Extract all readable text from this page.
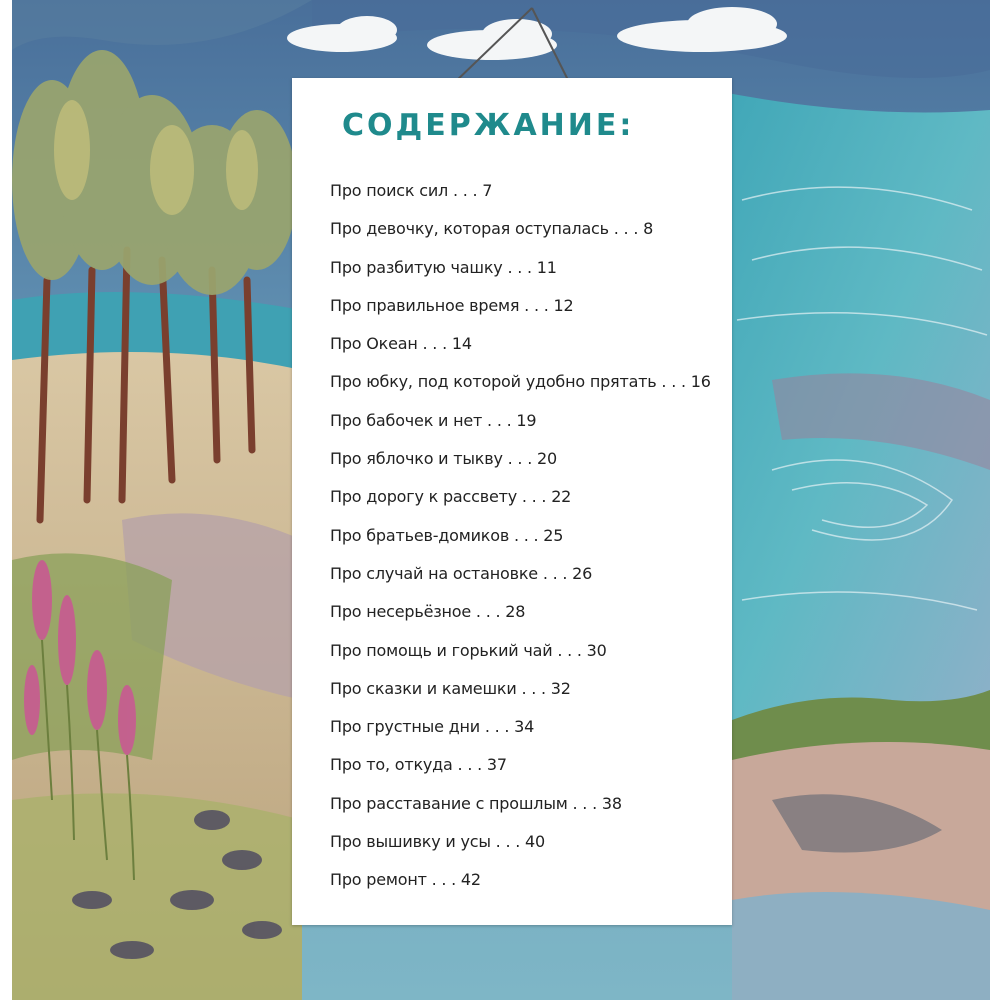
СОДЕРЖАНИЕ:
Про поиск сил . . . 7
Про девочку, которая оступалась . . . 8
Про разбитую чашку . . . 11
Про правильное время . . . 12
Про Океан . . . 14
Про юбку, под которой удобно прятать . . . 16
Про бабочек и нет . . . 19
Про яблочко и тыкву . . . 20
Про дорогу к рассвету . . . 22
Про братьев-домиков . . . 25
Про случай на остановке . . . 26
Про несерьёзное . . . 28
Про помощь и горький чай . . . 30
Про сказки и камешки . . . 32
Про грустные дни . . . 34
Про то, откуда . . . 37
Про расставание с прошлым . . . 38
Про вышивку и усы . . . 40
Про ремонт . . . 42
